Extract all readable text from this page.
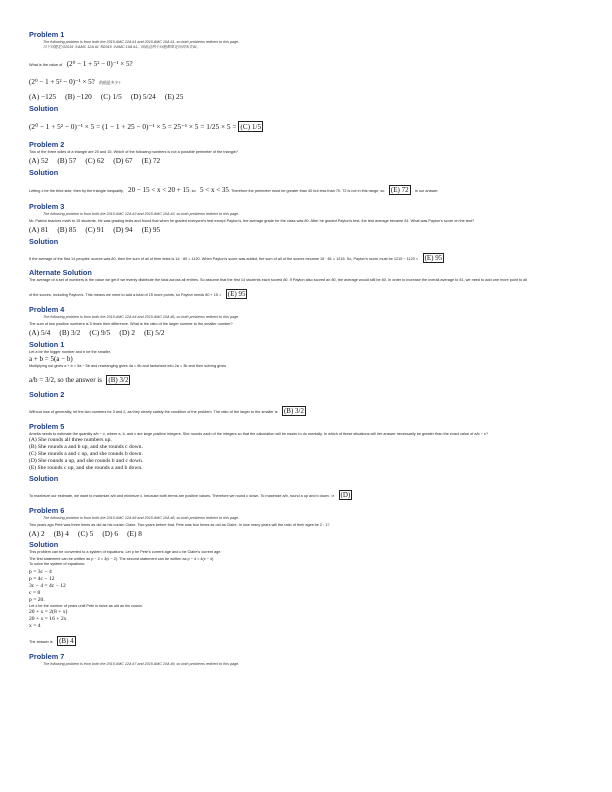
Problem 1
The following problem is from both the 2015 AMC 12A #1 and 2015 AMC 10A #1, so both problems redirect to this page.
以下问题是从2015 年AMC 12A #1 和2015 年AMC 10A #1。因此这两个问题都重定向到本页面。
What is the value of (2⁰ − 1 + 5² − 0)⁻¹ × 5?
(2⁰ − 1 + 5² − 0)⁻¹ × 5? 的值是多少?
(A) −125     (B) −120     (C) 1/5     (D) 5/24     (E) 25
Solution
(2⁰ − 1 + 5² − 0)⁻¹ × 5 = (1 − 1 + 25 − 0)⁻¹ × 5 = 25⁻¹ × 5 = 1/25 × 5 = (C) 1/5
Problem 2
Two of the three sides of a triangle are 20 and 15. Which of the following numbers is not a possible perimeter of the triangle?
(A) 52     (B) 57     (C) 62     (D) 67     (E) 72
Solution
Letting x be the third side, then by the triangle inequality, 20 − 15 < x < 20 + 15, so 5 < x < 35. Therefore the perimeter must be greater than 40 but less than 70. 72 is not in this range, so (E) 72 is our answer.
Problem 3
The following problem is from both the 2015 AMC 12A #3 and 2015 AMC 10A #3, so both problems redirect to this page.
Mr. Patrick teaches math to 15 students. He was grading tests and found that when he graded everyone's test except Payton's, the average grade for the class was 80. After he graded Payton's test, the test average became 81. What was Payton's score on the test?
(A) 81     (B) 85     (C) 91     (D) 94     (E) 95
Solution
If the average of the first 14 peoples' scores was 80, then the sum of all of their tests is 14 · 80 = 1120. When Payton's score was added, the sum of all of the scores became 15 · 81 = 1215. So, Payton's score must be 1215 − 1120 = (E) 95
Alternate Solution
The average of a set of numbers is the value we get if we evenly distribute the total across all entries. So assume that the first 14 students each scored 80. If Payton also scored an 80, the average would still be 80. In order to increase the overall average to 81, we need to add one more point to all
of the scores, including Payton's. This means we need to add a total of 15 more points, so Payton needs 80 + 15 = (E) 95
Problem 4
The following problem is from both the 2015 AMC 12A #4 and 2015 AMC 10A #6, so both problems redirect to this page.
The sum of two positive numbers is 5 times their difference. What is the ratio of the larger number to the smaller number?
(A) 5/4     (B) 3/2     (C) 9/5     (D) 2     (E) 5/2
Solution 1
Let a be the bigger number and b be the smaller.
a + b = 5(a − b)
Multiplying out gives a + b = 5a − 5b and rearranging gives 4a = 6b and factorised into 2a = 3b and then solving gives
a/b = 3/2, so the answer is (B) 3/2
Solution 2
Without loss of generality, let the two numbers be 3 and 2, as they clearly satisfy the condition of the problem. The ratio of the larger to the smaller is (B) 3/2
Problem 5
Amelia needs to estimate the quantity a/b − c, where a, b, and c are large positive integers. She rounds each of the integers so that the calculation will be easier to do mentally. In which of these situations will her answer necessarily be greater than the exact value of a/b − c?
(A) She rounds all three numbers up.
(B) She rounds a and b up, and she rounds c down.
(C) She rounds a and c up, and she rounds b down.
(D) She rounds a up, and she rounds b and c down.
(E) She rounds c up, and she rounds a and b down.
Solution
To maximize our estimate, we want to maximize a/b and minimize c, because both terms are positive values. Therefore we round c down. To maximize a/b, round a up and b down. ⇒ (D)
Problem 6
The following problem is from both the 2015 AMC 12A #6 and 2015 AMC 10A #8, so both problems redirect to this page.
Two years ago Pete was three times as old as his cousin Claire. Two years before that, Pete was four times as old as Claire. In how many years will the ratio of their ages be 2 : 1?
(A) 2     (B) 4     (C) 5     (D) 6     (E) 8
Solution
This problem can be converted to a system of equations. Let p be Pete's current age and c be Claire's current age.
The first statement can be written as p − 2 = 3(c − 2). The second statement can be written as p − 4 = 4(c − 4)
To solve the system of equations:
p = 3c − 4
p = 4c − 12
3c − 4 = 4c − 12
c = 8
p = 20.
Let x be the number of years until Pete is twice as old as his cousin.
20 + x = 2(8 + x)
20 + x = 16 + 2x
x = 4
The answer is (B) 4
Problem 7
The following problem is from both the 2015 AMC 12A #7 and 2015 AMC 10A #9, so both problems redirect to this page.
